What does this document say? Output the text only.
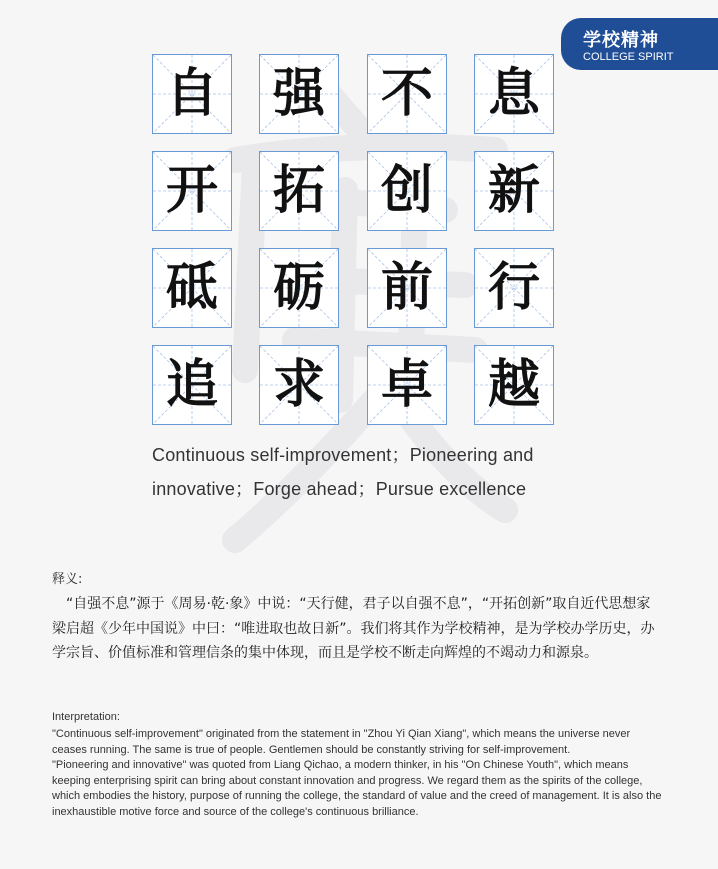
学校精神
COLLEGE SPIRIT
自 强 不 息
开 拓 创 新
砥 砺 前 行
追 求 卓 越
Continuous self-improvement；Pioneering and
innovative；Forge ahead；Pursue excellence
释义:
“自强不息”源于《周易·乾·象》中说：“天行健，君子以自强不息”，“开拓创新”取自近代思想家梁启超《少年中国说》中曰：“唯进取也故日新”。我们将其作为学校精神，是为学校办学历史，办学宗旨、价值标准和管理信条的集中体现，而且是学校不断走向辉煌的不竭动力和源泉。
Interpretation:

"Continuous self-improvement" originated from the statement in "Zhou Yi Qian Xiang", which means the universe never ceases running. The same is true of people. Gentlemen should be constantly striving for self-improvement.

"Pioneering and innovative" was quoted from Liang Qichao, a modern thinker, in his "On Chinese Youth", which means keeping enterprising spirit can bring about constant innovation and progress. We regard them as the spirits of the college, which embodies the history, purpose of running the college, the standard of value and the creed of management. It is also the inexhaustible motive force and source of the college's continuous brilliance.
